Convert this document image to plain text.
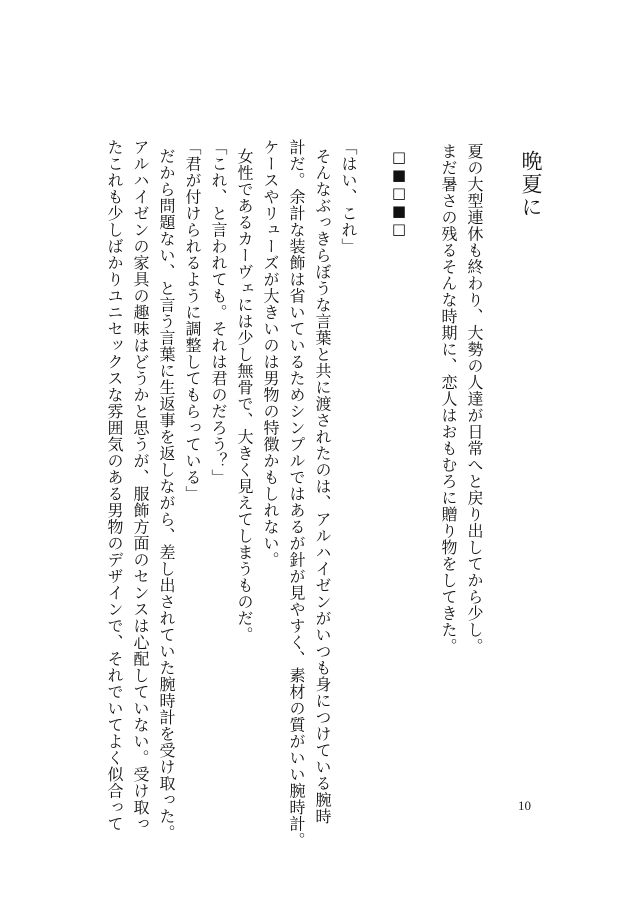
晩夏に

夏の大型連休も終わり、大勢の人達が日常へと戻り出してから少し。

まだ暑さの残るそんな時期に、恋人はおもむろに贈り物をしてきた。

□■□■□

「はい、これ」

そんなぶっきらぼうな言葉と共に渡されたのは、アルハイゼンがいつも身につけている腕時

計だ。余計な装飾は省いているためシンプルではあるが針が見やすく、素材の質がいい腕時計。

ケースやリューズが大きいのは男物の特徴かもしれない。

女性であるカーヴェには少し無骨で、大きく見えてしまうものだ。

「これ、と言われても。それは君のだろう？」

「君が付けられるように調整してもらっている」

だから問題ない、と言う言葉に生返事を返しながら、差し出されていた腕時計を受け取った。

アルハイゼンの家具の趣味はどうかと思うが、服飾方面のセンスは心配していない。受け取っ

たこれも少しばかりユニセックスな雰囲気のある男物のデザインで、それでいてよく似合って	10
